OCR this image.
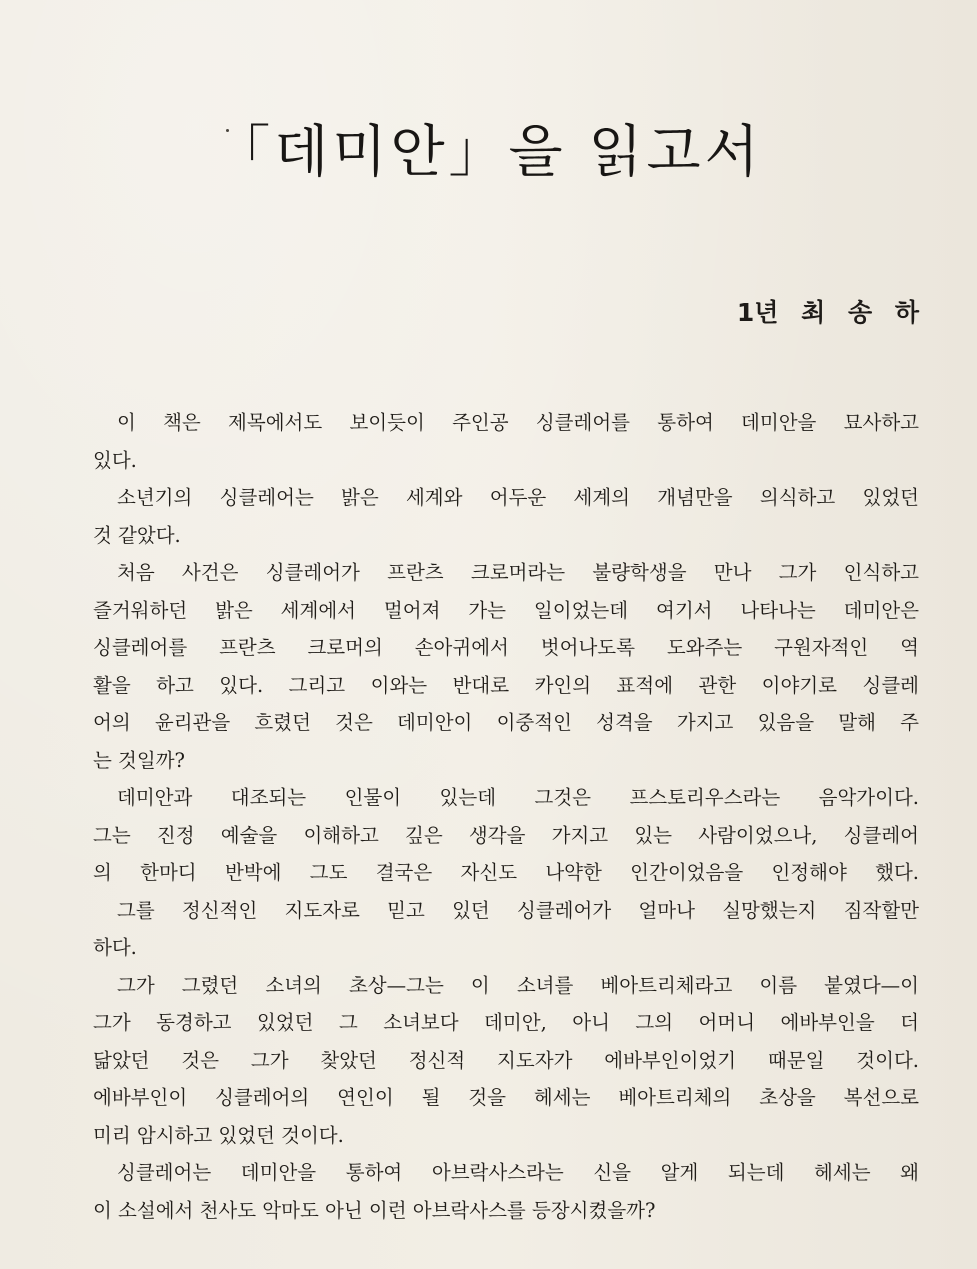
「데미안」을 읽고서
1년 최 송 하
이 책은 제목에서도 보이듯이 주인공 싱클레어를 통하여 데미안을 묘사하고
있다.
소년기의 싱클레어는 밝은 세계와 어두운 세계의 개념만을 의식하고 있었던
것 같았다.
처음 사건은 싱클레어가 프란츠 크로머라는 불량학생을 만나 그가 인식하고
즐거워하던 밝은 세계에서 멀어져 가는 일이었는데 여기서 나타나는 데미안은
싱클레어를 프란츠 크로머의 손아귀에서 벗어나도록 도와주는 구원자적인 역
활을 하고 있다. 그리고 이와는 반대로 카인의 표적에 관한 이야기로 싱클레
어의 윤리관을 흐렸던 것은 데미안이 이중적인 성격을 가지고 있음을 말해 주
는 것일까?
데미안과 대조되는 인물이 있는데 그것은 프스토리우스라는 음악가이다.
그는 진정 예술을 이해하고 깊은 생각을 가지고 있는 사람이었으나, 싱클레어
의 한마디 반박에 그도 결국은 자신도 나약한 인간이었음을 인정해야 했다.
그를 정신적인 지도자로 믿고 있던 싱클레어가 얼마나 실망했는지 짐작할만
하다.
그가 그렸던 소녀의 초상—그는 이 소녀를 베아트리체라고 이름 붙였다—이
그가 동경하고 있었던 그 소녀보다 데미안, 아니 그의 어머니 에바부인을 더
닮았던 것은 그가 찾았던 정신적 지도자가 에바부인이었기 때문일 것이다.
에바부인이 싱클레어의 연인이 될 것을 헤세는 베아트리체의 초상을 복선으로
미리 암시하고 있었던 것이다.
싱클레어는 데미안을 통하여 아브락사스라는 신을 알게 되는데 헤세는 왜
이 소설에서 천사도 악마도 아닌 이런 아브락사스를 등장시켰을까?
